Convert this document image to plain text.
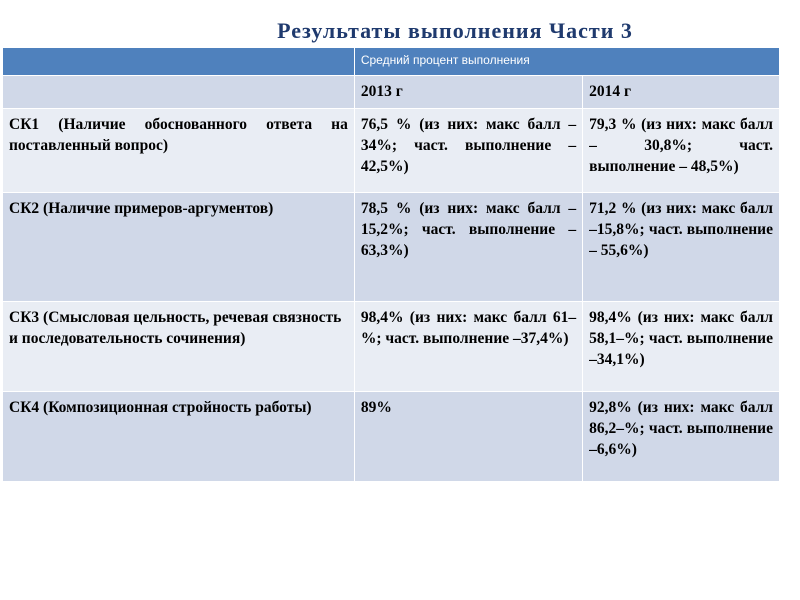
Результаты выполнения Части 3
	Средний процент выполнения	
	2013 г	2014 г
СК1 (Наличие обоснованного ответа на поставленный вопрос)	76,5 % (из них: макс балл – 34%; част. выполнение – 42,5%)	79,3 % (из них: макс балл – 30,8%; част. выполнение – 48,5%)
СК2 (Наличие примеров-аргументов)	78,5 % (из них: макс балл –15,2%; част. выполнение – 63,3%)	71,2 % (из них: макс балл –15,8%; част. выполнение – 55,6%)
СК3 (Смысловая цельность, речевая связность и последовательность сочинения)	98,4% (из них: макс балл 61–%; част. выполнение –37,4%)	98,4% (из них: макс балл 58,1–%; част. выполнение –34,1%)
СК4 (Композиционная стройность работы)	89%	92,8% (из них: макс балл 86,2–%; част. выполнение –6,6%)
